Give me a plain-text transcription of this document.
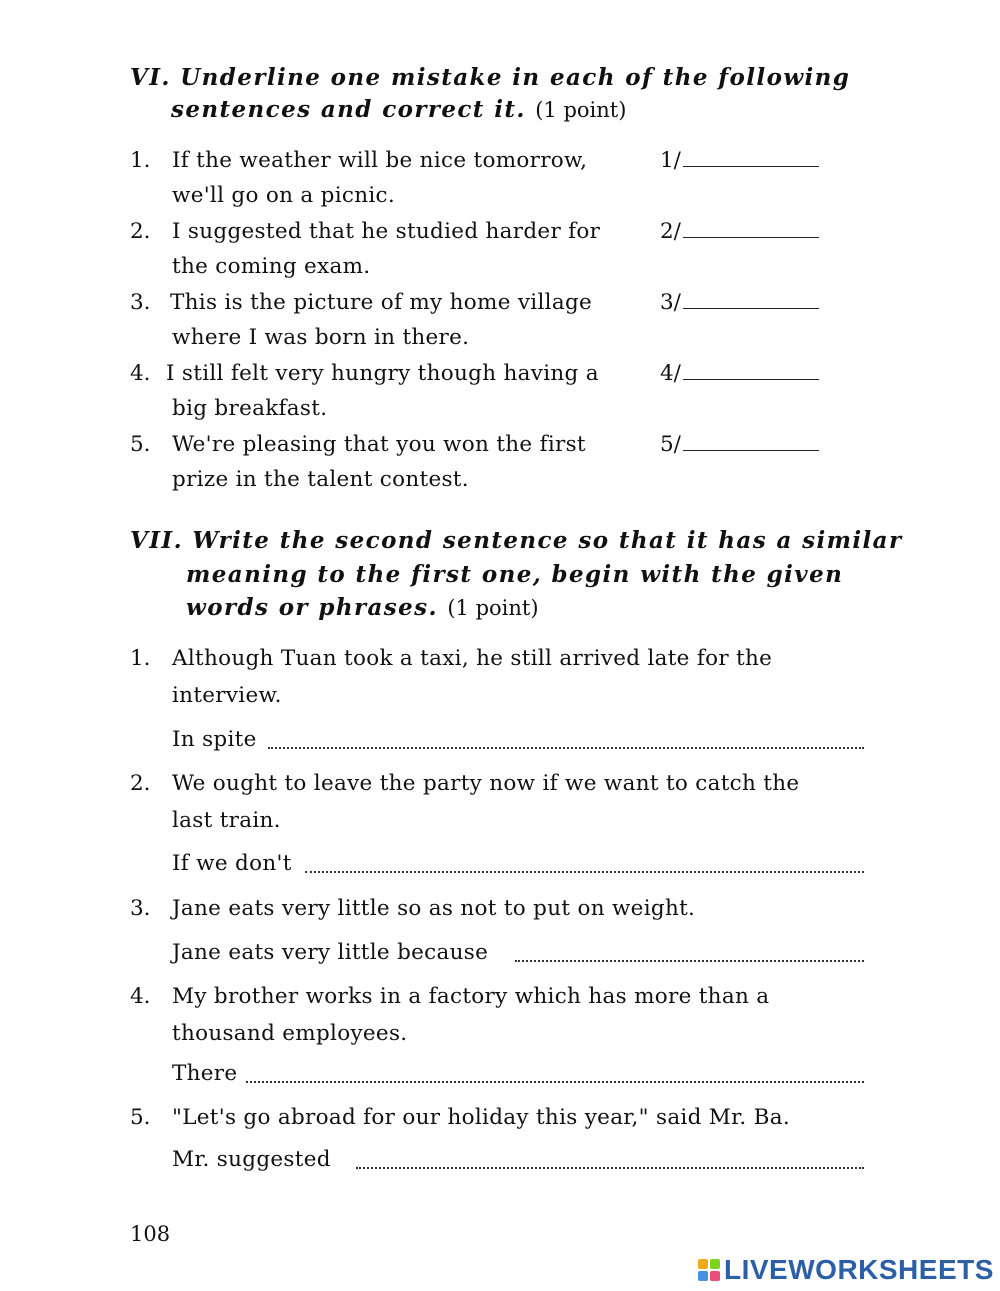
VI. Underline one mistake in each of the following
sentences and correct it. (1 point)
1. If the weather will be nice tomorrow,
we'll go on a picnic.
1/
2. I suggested that he studied harder for
the coming exam.
2/
3. This is the picture of my home village
where I was born in there.
3/
4. I still felt very hungry though having a
big breakfast.
4/
5. We're pleasing that you won the first
prize in the talent contest.
5/
VII. Write the second sentence so that it has a similar
meaning to the first one, begin with the given
words or phrases. (1 point)
1. Although Tuan took a taxi, he still arrived late for the
interview.
In spite
2. We ought to leave the party now if we want to catch the
last train.
If we don't
3. Jane eats very little so as not to put on weight.
Jane eats very little because
4. My brother works in a factory which has more than a
thousand employees.
There
5. "Let's go abroad for our holiday this year," said Mr. Ba.
Mr. suggested
108
LIVEWORKSHEETS
